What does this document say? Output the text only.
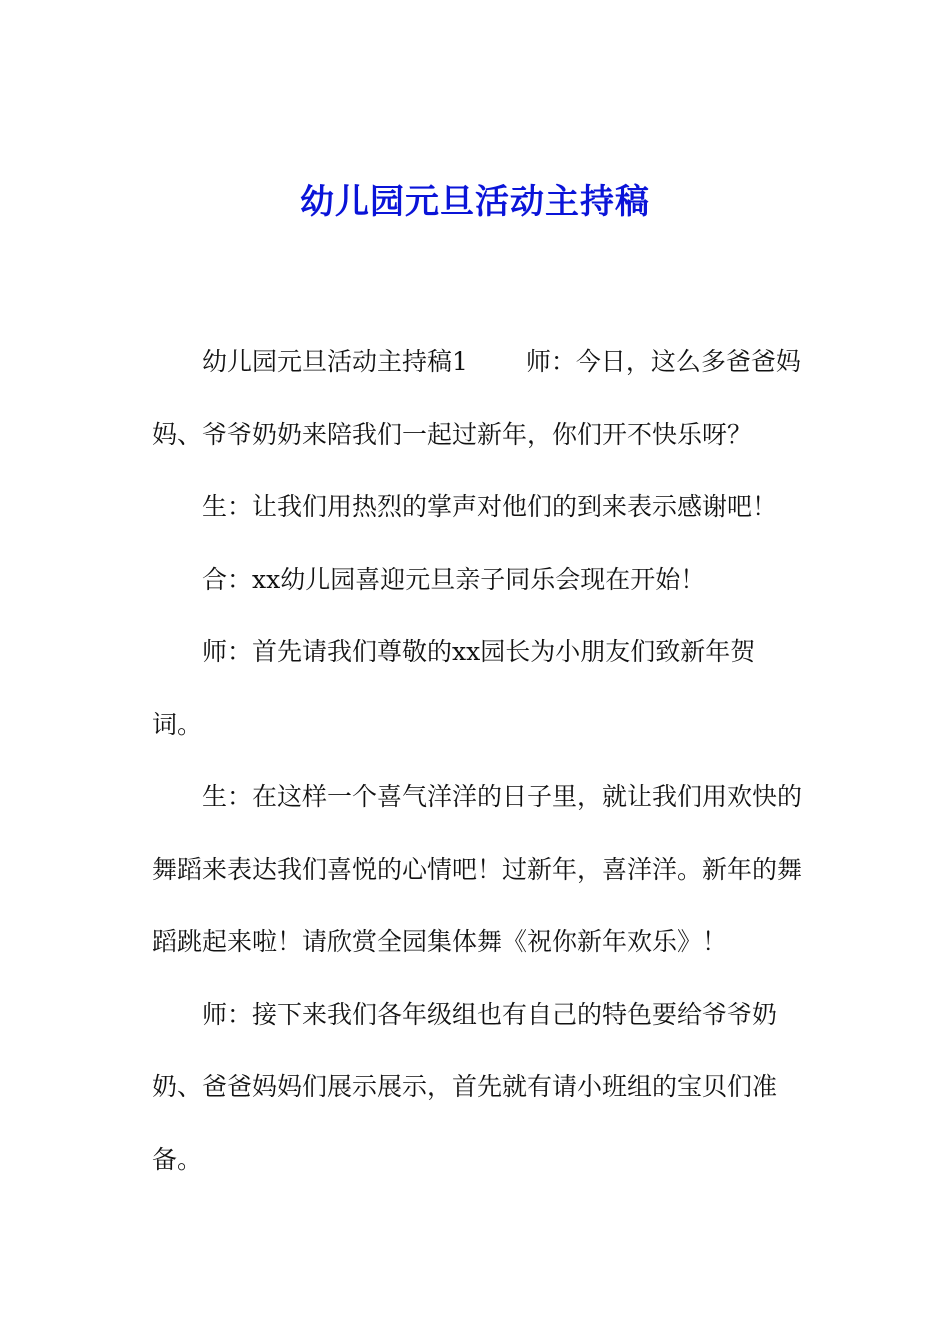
幼儿园元旦活动主持稿

幼儿园元旦活动主持稿1 　　师：今日，这么多爸爸妈妈、爷爷奶奶来陪我们一起过新年，你们开不快乐呀？

生：让我们用热烈的掌声对他们的到来表示感谢吧！

合：xx幼儿园喜迎元旦亲子同乐会现在开始！

师：首先请我们尊敬的xx园长为小朋友们致新年贺词。

生：在这样一个喜气洋洋的日子里，就让我们用欢快的舞蹈来表达我们喜悦的心情吧！过新年，喜洋洋。新年的舞蹈跳起来啦！请欣赏全园集体舞《祝你新年欢乐》！

师：接下来我们各年级组也有自己的特色要给爷爷奶奶、爸爸妈妈们展示展示，首先就有请小班组的宝贝们准备。
